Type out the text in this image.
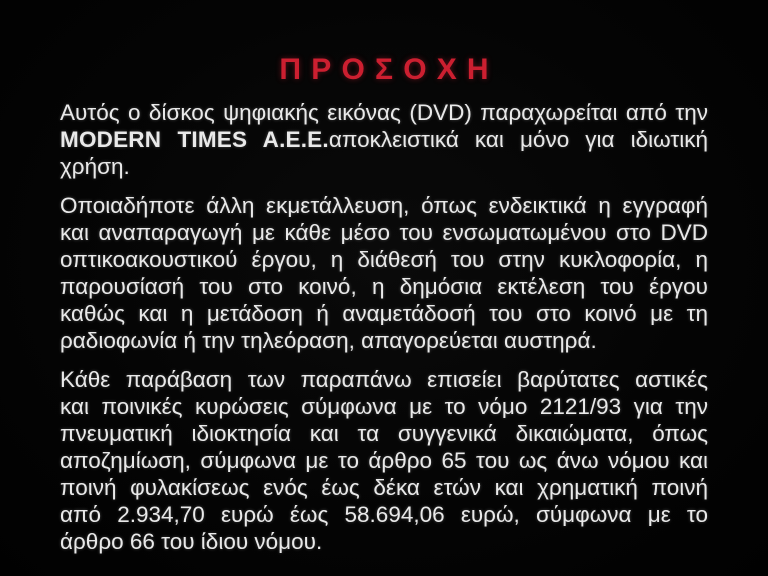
ΠΡΟΣΟΧΗ

Αυτός ο δίσκος ψηφιακής εικόνας (DVD) παραχωρείται από την
MODERN TIMES A.E.E.αποκλειστικά και μόνο για ιδιωτική χρήση.

Οποιαδήποτε άλλη εκμετάλλευση, όπως ενδεικτικά η εγγραφή
και αναπαραγωγή με κάθε μέσο του ενσωματωμένου στο DVD
οπτικοακουστικού έργου, η διάθεσή του στην κυκλοφορία, η
παρουσίασή του στο κοινό, η δημόσια εκτέλεση του έργου
καθώς και η μετάδοση ή αναμετάδοσή του στο κοινό με τη
ραδιοφωνία ή την τηλεόραση, απαγορεύεται αυστηρά.

Κάθε παράβαση των παραπάνω επισείει βαρύτατες αστικές
και ποινικές κυρώσεις σύμφωνα με το νόμο 2121/93 για την
πνευματική ιδιοκτησία και τα συγγενικά δικαιώματα, όπως
αποζημίωση, σύμφωνα με το άρθρο 65 του ως άνω νόμου και
ποινή φυλακίσεως ενός έως δέκα ετών και χρηματική ποινή
από 2.934,70 ευρώ έως 58.694,06 ευρώ, σύμφωνα με το
άρθρο 66 του ίδιου νόμου.
